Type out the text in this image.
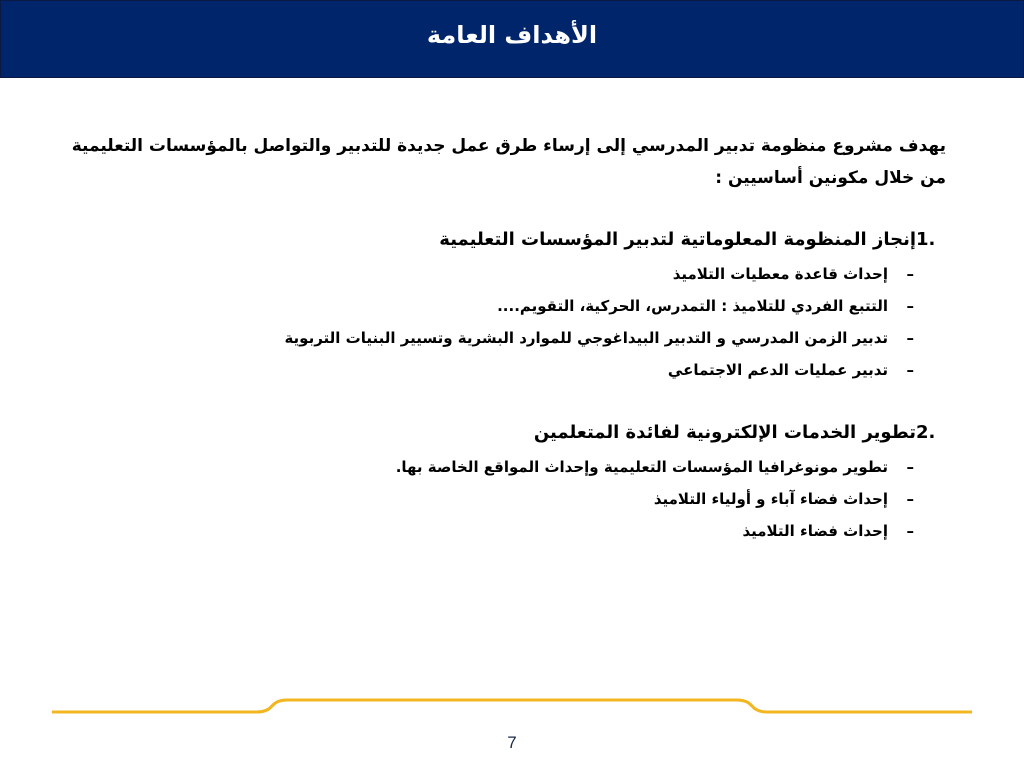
الأهداف العامة

يهدف مشروع منظومة تدبير المدرسي إلى إرساء طرق عمل جديدة للتدبير والتواصل بالمؤسسات التعليمية من خلال مكونين أساسيين :

1.
إنجاز المنظومة المعلوماتية لتدبير المؤسسات التعليمية
–
إحداث قاعدة معطيات التلاميذ
–
التتبع الفردي للتلاميذ : التمدرس، الحركية، التقويم....
–
تدبير الزمن المدرسي و التدبير البيداغوجي للموارد البشرية وتسيير البنيات التربوية
–
تدبير عمليات الدعم الاجتماعي
2.
تطوير الخدمات الإلكترونية لفائدة المتعلمين
–
تطوير مونوغرافيا المؤسسات التعليمية وإحداث المواقع الخاصة بها.
–
إحداث فضاء آباء و أولياء التلاميذ
–
إحداث فضاء التلاميذ
7
